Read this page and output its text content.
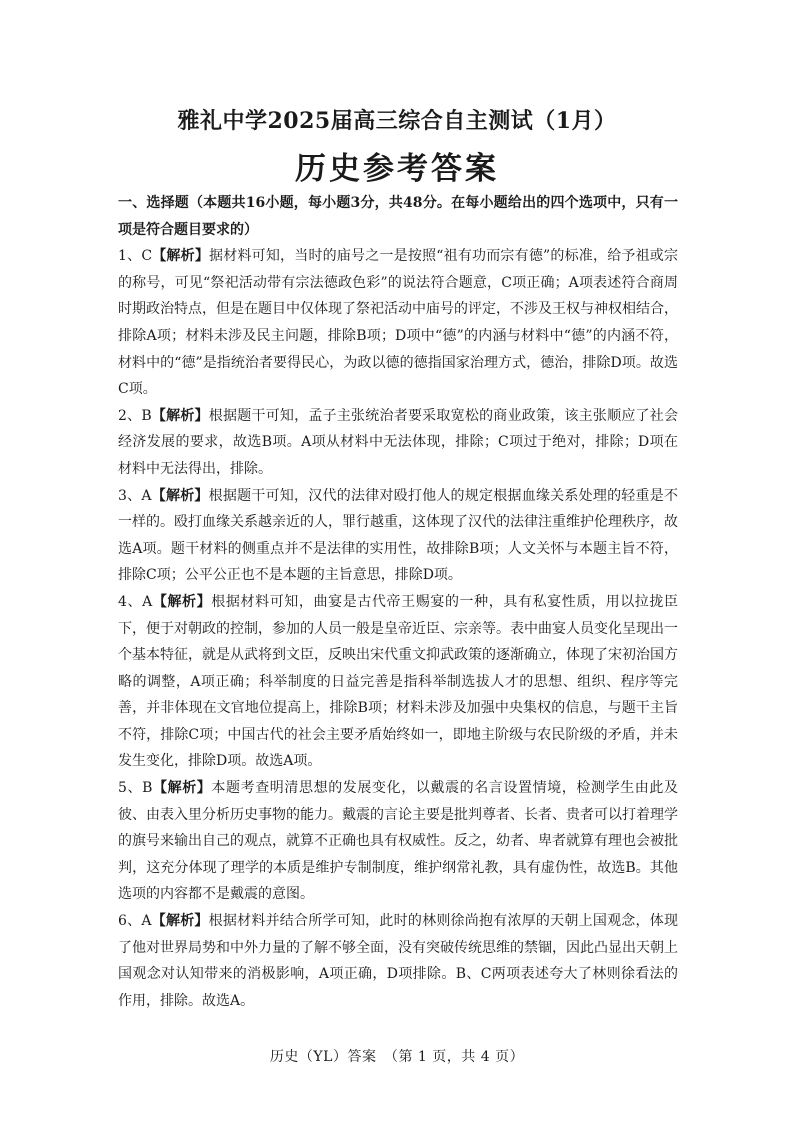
雅礼中学2025届高三综合自主测试（1月）
历史参考答案

一、选择题（本题共16小题，每小题3分，共48分。在每小题给出的四个选项中，只有一项是符合题目要求的）

1、C【解析】据材料可知，当时的庙号之一是按照“祖有功而宗有德”的标准，给予祖或宗的称号，可见“祭祀活动带有宗法德政色彩”的说法符合题意，C项正确；A项表述符合商周时期政治特点，但是在题目中仅体现了祭祀活动中庙号的评定，不涉及王权与神权相结合，排除A项；材料未涉及民主问题，排除B项；D项中“德”的内涵与材料中“德”的内涵不符，材料中的“德”是指统治者要得民心，为政以德的德指国家治理方式，德治，排除D项。故选C项。

2、B【解析】根据题干可知，孟子主张统治者要采取宽松的商业政策，该主张顺应了社会经济发展的要求，故选B项。A项从材料中无法体现，排除；C项过于绝对，排除；D项在材料中无法得出，排除。

3、A【解析】根据题干可知，汉代的法律对殴打他人的规定根据血缘关系处理的轻重是不一样的。殴打血缘关系越亲近的人，罪行越重，这体现了汉代的法律注重维护伦理秩序，故选A项。题干材料的侧重点并不是法律的实用性，故排除B项；人文关怀与本题主旨不符，排除C项；公平公正也不是本题的主旨意思，排除D项。

4、A【解析】根据材料可知，曲宴是古代帝王赐宴的一种，具有私宴性质，用以拉拢臣下，便于对朝政的控制，参加的人员一般是皇帝近臣、宗亲等。表中曲宴人员变化呈现出一个基本特征，就是从武将到文臣，反映出宋代重文抑武政策的逐渐确立，体现了宋初治国方略的调整，A项正确；科举制度的日益完善是指科举制选拔人才的思想、组织、程序等完善，并非体现在文官地位提高上，排除B项；材料未涉及加强中央集权的信息，与题干主旨不符，排除C项；中国古代的社会主要矛盾始终如一，即地主阶级与农民阶级的矛盾，并未发生变化，排除D项。故选A项。

5、B【解析】本题考查明清思想的发展变化，以戴震的名言设置情境，检测学生由此及彼、由表入里分析历史事物的能力。戴震的言论主要是批判尊者、长者、贵者可以打着理学的旗号来输出自己的观点，就算不正确也具有权威性。反之，幼者、卑者就算有理也会被批判，这充分体现了理学的本质是维护专制制度，维护纲常礼教，具有虚伪性，故选B。其他选项的内容都不是戴震的意图。

6、A【解析】根据材料并结合所学可知，此时的林则徐尚抱有浓厚的天朝上国观念，体现了他对世界局势和中外力量的了解不够全面，没有突破传统思维的禁锢，因此凸显出天朝上国观念对认知带来的消极影响，A项正确，D项排除。B、C两项表述夸大了林则徐看法的作用，排除。故选A。

历史（YL）答案　（第 1 页，共 4 页）
